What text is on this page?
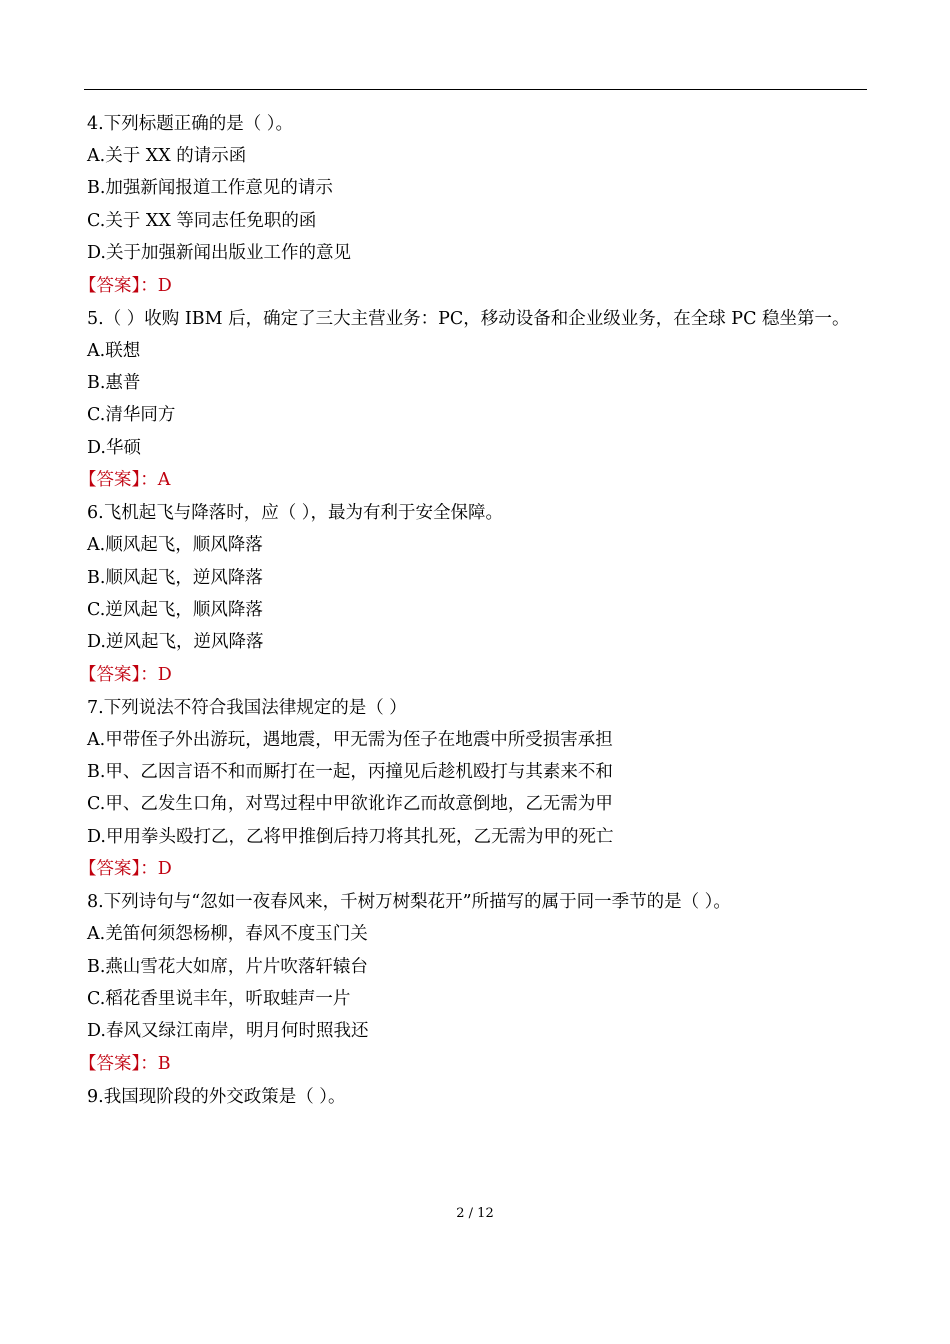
4.下列标题正确的是（ ）。
A.关于 XX 的请示函
B.加强新闻报道工作意见的请示
C.关于 XX 等同志任免职的函
D.关于加强新闻出版业工作的意见
【答案】：D
5.（ ）收购 IBM 后，确定了三大主营业务：PC，移动设备和企业级业务，在全球 PC 稳坐第一。
A.联想
B.惠普
C.清华同方
D.华硕
【答案】：A
6.飞机起飞与降落时，应（ ），最为有利于安全保障。
A.顺风起飞，顺风降落
B.顺风起飞，逆风降落
C.逆风起飞，顺风降落
D.逆风起飞，逆风降落
【答案】：D
7.下列说法不符合我国法律规定的是（ ）
A.甲带侄子外出游玩，遇地震，甲无需为侄子在地震中所受损害承担
B.甲、乙因言语不和而厮打在一起，丙撞见后趁机殴打与其素来不和
C.甲、乙发生口角，对骂过程中甲欲讹诈乙而故意倒地，乙无需为甲
D.甲用拳头殴打乙，乙将甲推倒后持刀将其扎死，乙无需为甲的死亡
【答案】：D
8.下列诗句与“忽如一夜春风来，千树万树梨花开”所描写的属于同一季节的是（ ）。
A.羌笛何须怨杨柳，春风不度玉门关
B.燕山雪花大如席，片片吹落轩辕台
C.稻花香里说丰年，听取蛙声一片
D.春风又绿江南岸，明月何时照我还
【答案】：B
9.我国现阶段的外交政策是（ ）。
2 / 12
